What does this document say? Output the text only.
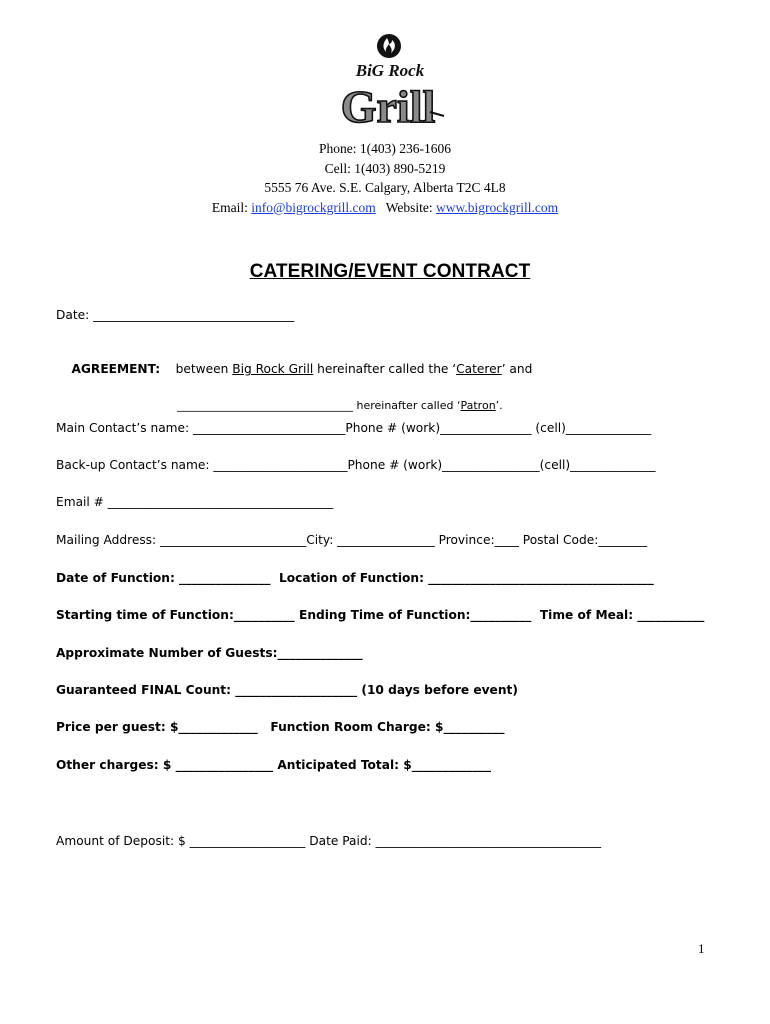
BiG Rock
Grill
Phone: 1(403) 236-1606
Cell: 1(403) 890-5219
5555 76 Ave. S.E. Calgary, Alberta T2C 4L8
Email: info@bigrockgrill.com Website: www.bigrockgrill.com
CATERING/EVENT CONTRACT
Date: _________________________________

AGREEMENT: between Big Rock Grill hereinafter called the ‘Caterer’ and

________________________________ hereinafter called ‘Patron’.

Main Contact’s name: _________________________Phone # (work)_______________ (cell)______________
Back-up Contact’s name: ______________________Phone # (work)________________(cell)______________
Email # _____________________________________
Mailing Address: ________________________City: ________________ Province:____ Postal Code:________
Date of Function: _______________  Location of Function: _____________________________________
Starting time of Function:__________ Ending Time of Function:__________  Time of Meal: ___________
Approximate Number of Guests:______________
Guaranteed FINAL Count: ____________________ (10 days before event)
Price per guest: $_____________   Function Room Charge: $__________
Other charges: $ ________________ Anticipated Total: $_____________
Amount of Deposit: $ ___________________ Date Paid: _____________________________________
1
